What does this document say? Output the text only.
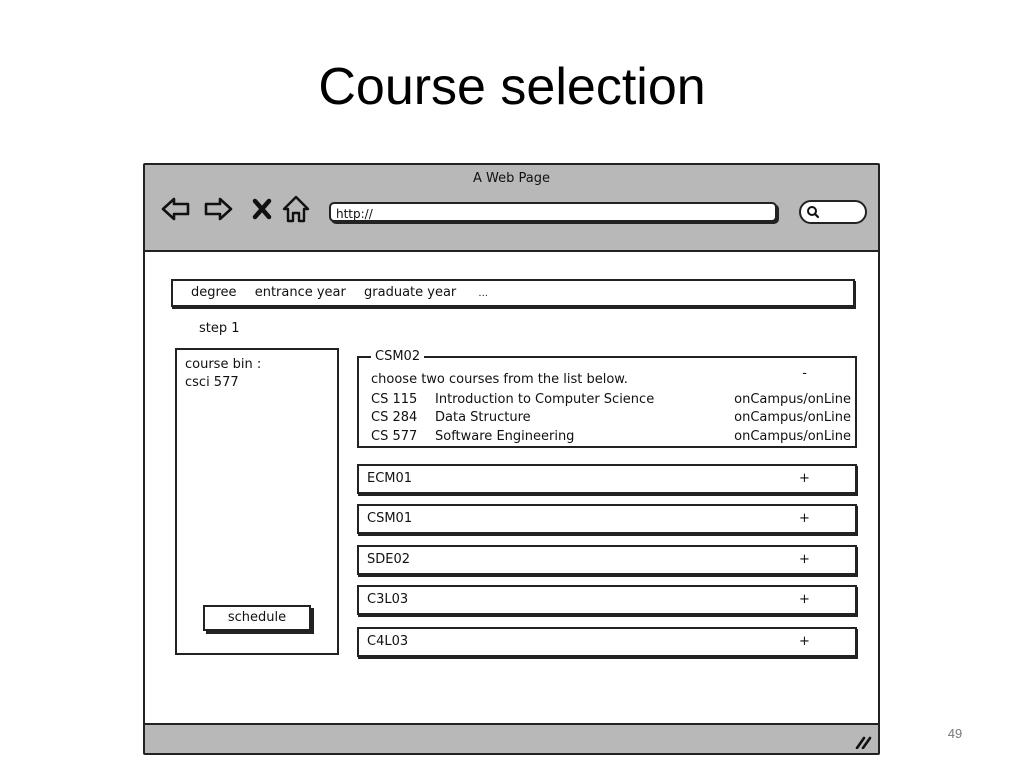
Course selection
A Web Page
http://
degree entrance year graduate year ...
step 1
course bin :
csci 577
schedule
CSM02
-
choose two courses from the list below.
CS 115 Introduction to Computer Science	onCampus/onLine
CS 284 Data Structure	onCampus/onLine
CS 577 Software Engineering	onCampus/onLine
ECM01	+
CSM01	+
SDE02	+
C3L03	+
C4L03	+
49
